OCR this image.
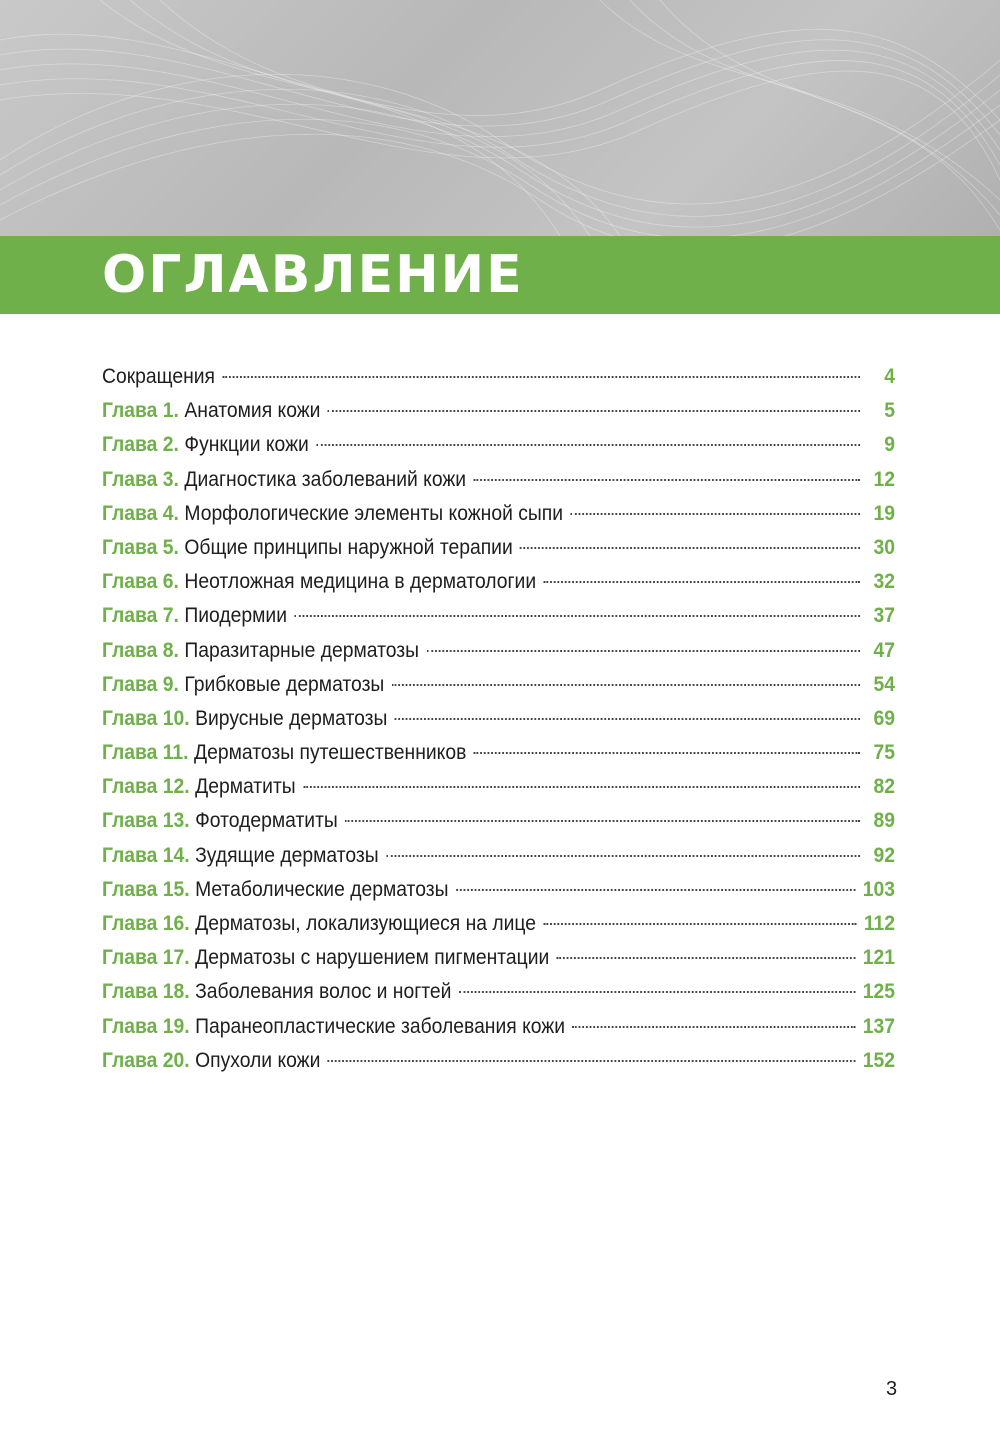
ОГЛАВЛЕНИЕ
Сокращения	4
Глава 1. Анатомия кожи	5
Глава 2. Функции кожи	9
Глава 3. Диагностика заболеваний кожи	12
Глава 4. Морфологические элементы кожной сыпи	19
Глава 5. Общие принципы наружной терапии	30
Глава 6. Неотложная медицина в дерматологии	32
Глава 7. Пиодермии	37
Глава 8. Паразитарные дерматозы	47
Глава 9. Грибковые дерматозы	54
Глава 10. Вирусные дерматозы	69
Глава 11. Дерматозы путешественников	75
Глава 12. Дерматиты	82
Глава 13. Фотодерматиты	89
Глава 14. Зудящие дерматозы	92
Глава 15. Метаболические дерматозы	103
Глава 16. Дерматозы, локализующиеся на лице	112
Глава 17. Дерматозы с нарушением пигментации	121
Глава 18. Заболевания волос и ногтей	125
Глава 19. Паранеопластические заболевания кожи	137
Глава 20. Опухоли кожи	152
3
